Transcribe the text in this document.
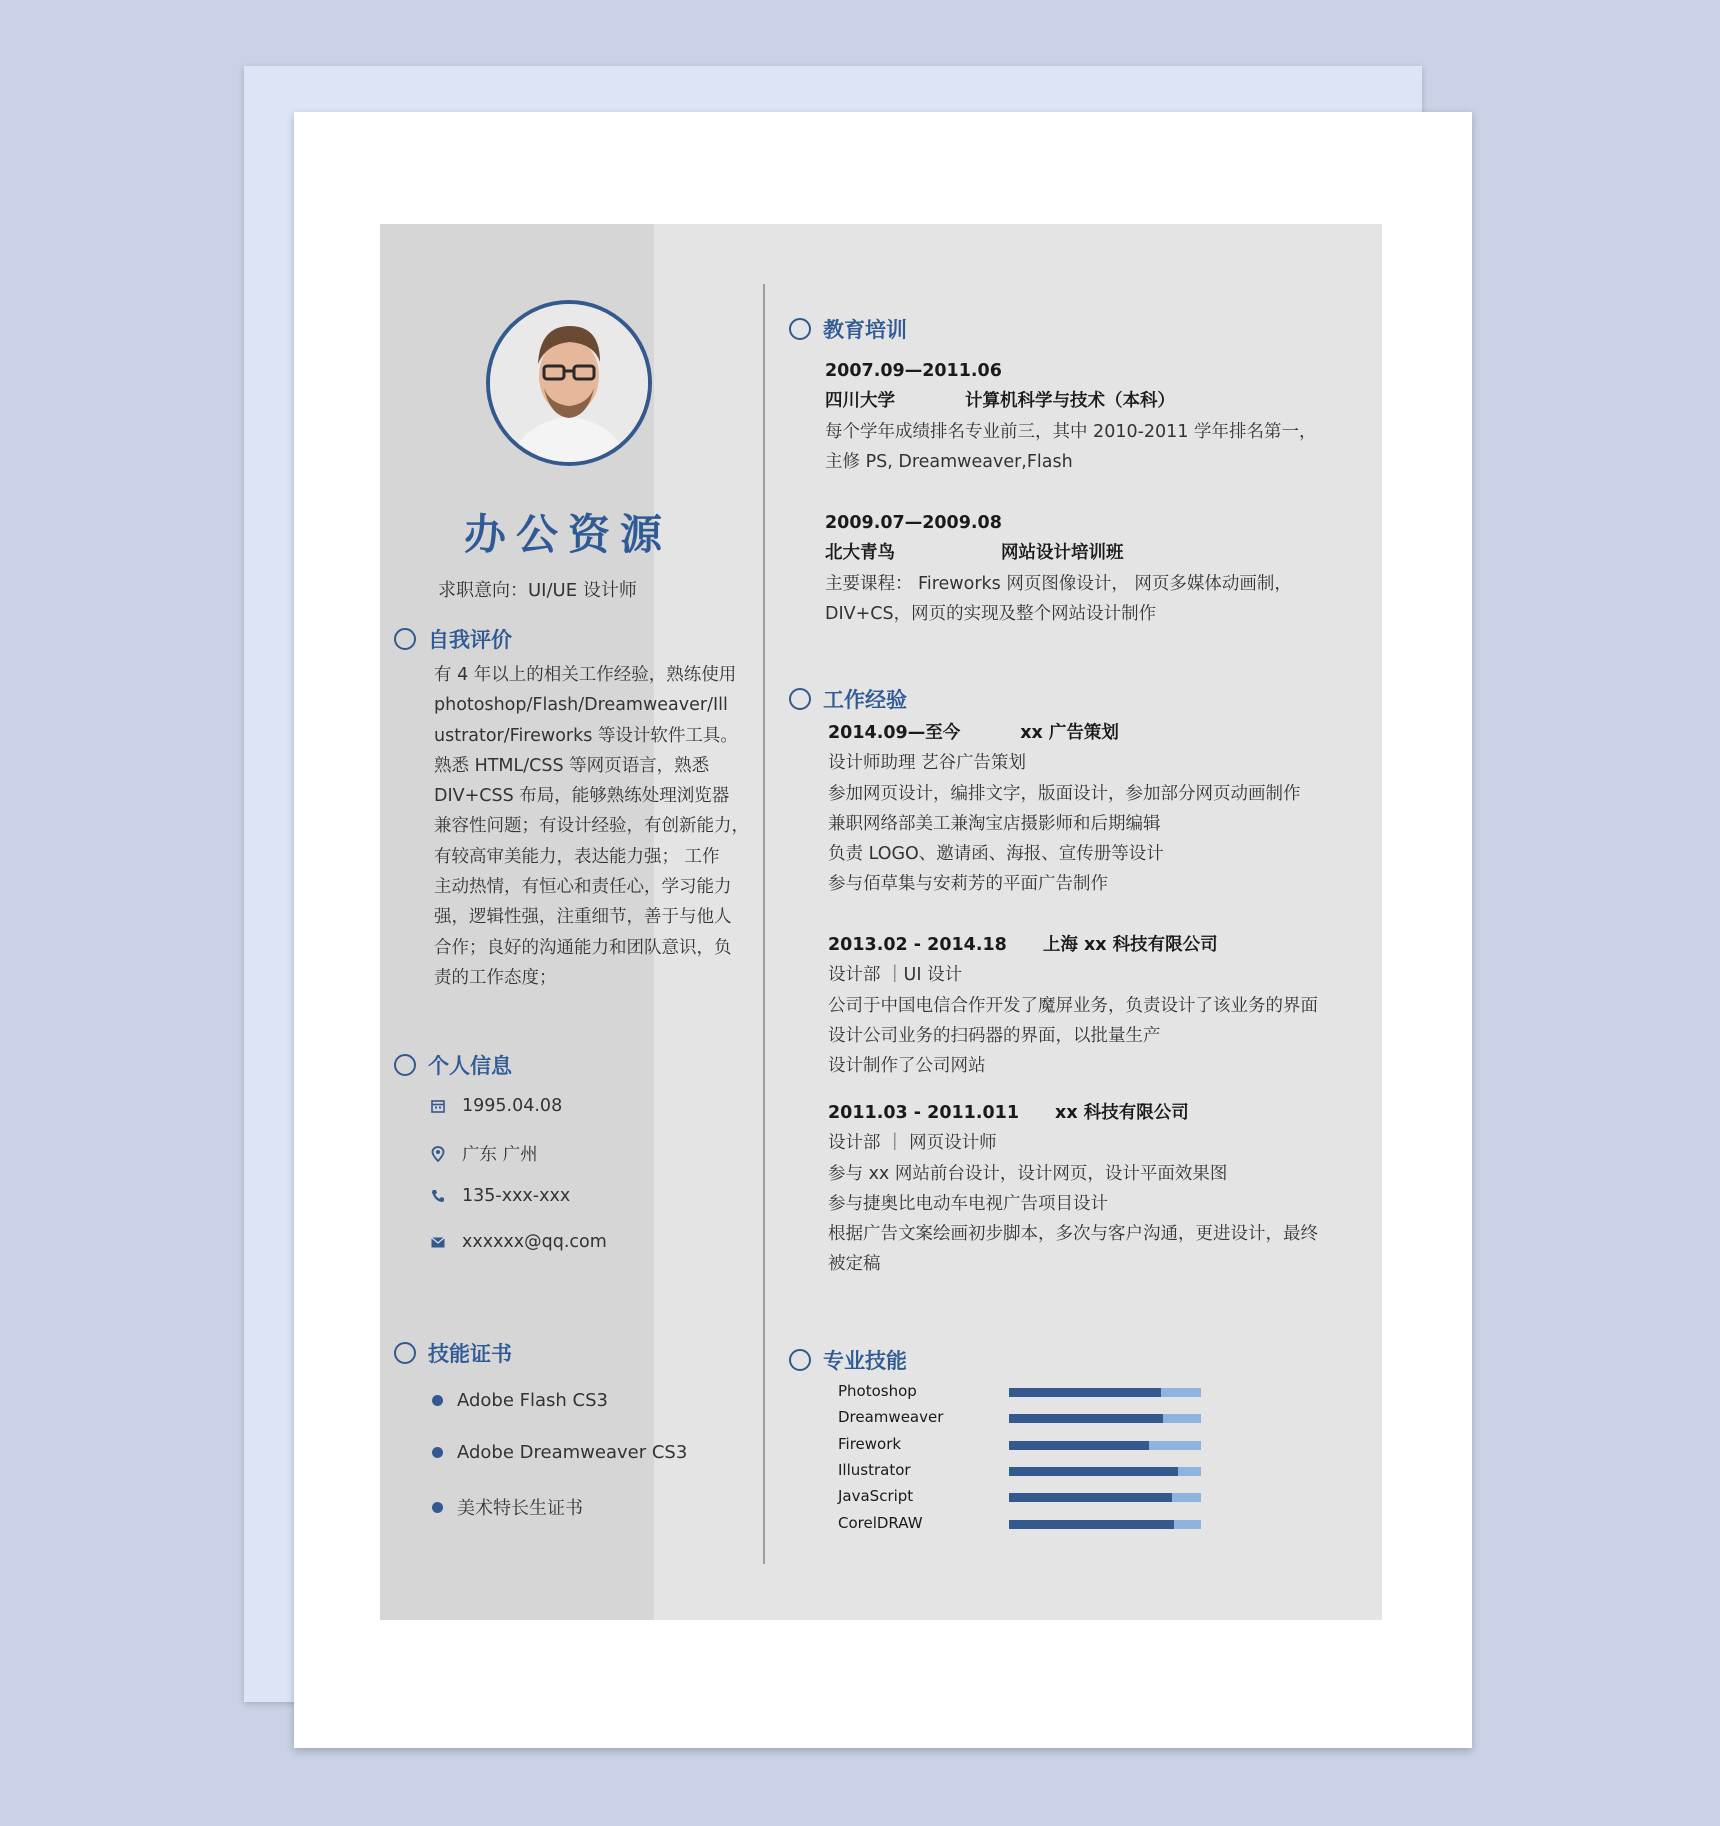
办公资源
求职意向：UI/UE 设计师
自我评价
有 4 年以上的相关工作经验，熟练使用
photoshop/Flash/Dreamweaver/Ill
ustrator/Fireworks 等设计软件工具。
熟悉 HTML/CSS 等网页语言，熟悉
DIV+CSS 布局，能够熟练处理浏览器
兼容性问题；有设计经验，有创新能力，
有较高审美能力，表达能力强； 工作
主动热情，有恒心和责任心，学习能力
强，逻辑性强，注重细节，善于与他人
合作；良好的沟通能力和团队意识，负
责的工作态度；
个人信息
1995.04.08
广东 广州
135-xxx-xxx
xxxxxx@qq.com
技能证书
Adobe Flash CS3
Adobe Dreamweaver CS3
美术特长生证书
教育培训
2007.09—2011.06
四川大学	计算机科学与技术（本科）
每个学年成绩排名专业前三，其中 2010-2011 学年排名第一，
主修 PS, Dreamweaver,Flash
2009.07—2009.08
北大青鸟	网站设计培训班
主要课程： Fireworks 网页图像设计， 网页多媒体动画制，
DIV+CS，网页的实现及整个网站设计制作
工作经验
2014.09—至今	xx 广告策划
设计师助理 艺谷广告策划
参加网页设计，编排文字，版面设计，参加部分网页动画制作
兼职网络部美工兼淘宝店摄影师和后期编辑
负责 LOGO、邀请函、海报、宣传册等设计
参与佰草集与安莉芳的平面广告制作
2013.02 - 2014.18 上海 xx 科技有限公司
设计部 ｜UI 设计
公司于中国电信合作开发了魔屏业务，负责设计了该业务的界面
设计公司业务的扫码器的界面，以批量生产
设计制作了公司网站
2011.03 - 2011.011 xx 科技有限公司
设计部 ｜ 网页设计师
参与 xx 网站前台设计，设计网页，设计平面效果图
参与捷奥比电动车电视广告项目设计
根据广告文案绘画初步脚本，多次与客户沟通，更进设计，最终
被定稿
专业技能
Photoshop
Dreamweaver
Firework
Illustrator
JavaScript
CorelDRAW
